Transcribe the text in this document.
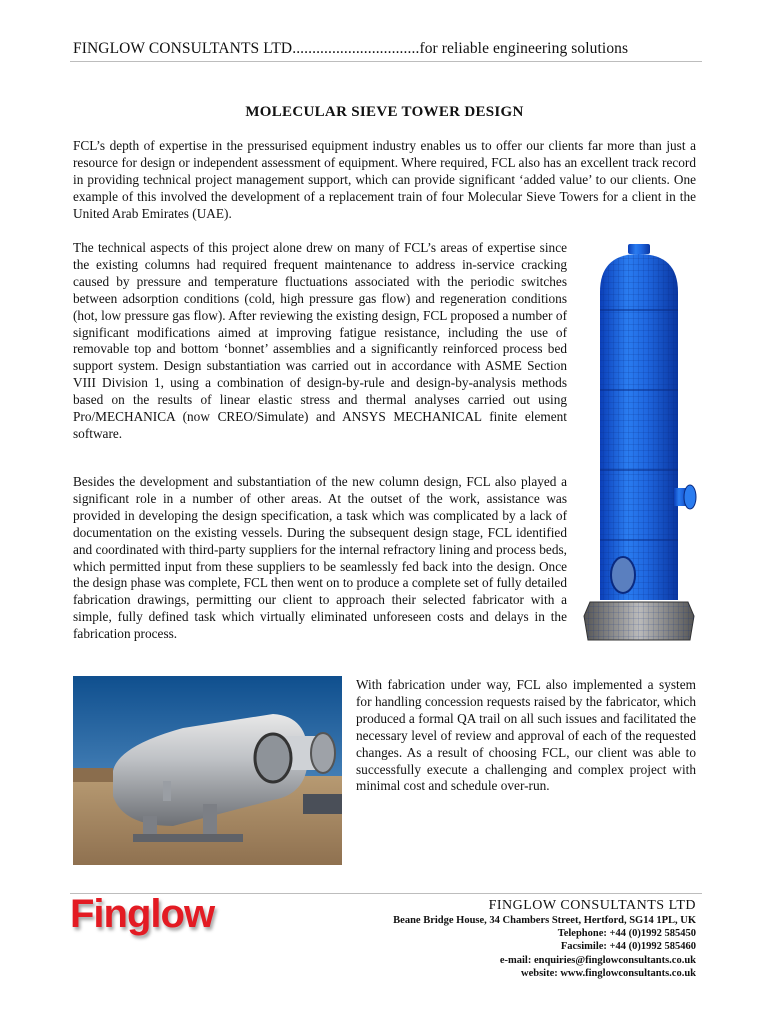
FINGLOW CONSULTANTS LTD................................for reliable engineering solutions
MOLECULAR SIEVE TOWER DESIGN

FCL’s depth of expertise in the pressurised equipment industry enables us to offer our clients far more than just a resource for design or independent assessment of equipment. Where required, FCL also has an excellent track record in providing technical project management support, which can provide significant ‘added value’ to our clients. One example of this involved the development of a replacement train of four Molecular Sieve Towers for a client in the United Arab Emirates (UAE).

The technical aspects of this project alone drew on many of FCL’s areas of expertise since the existing columns had required frequent maintenance to address in-service cracking caused by pressure and temperature fluctuations associated with the periodic switches between adsorption conditions (cold, high pressure gas flow) and regeneration conditions (hot, low pressure gas flow). After reviewing the existing design, FCL proposed a number of significant modifications aimed at improving fatigue resistance, including the use of removable top and bottom ‘bonnet’ assemblies and a significantly reinforced process bed support system. Design substantiation was carried out in accordance with ASME Section VIII Division 1, using a combination of design-by-rule and design-by-analysis methods based on the results of linear elastic stress and thermal analyses carried out using Pro/MECHANICA (now CREO/Simulate) and ANSYS MECHANICAL finite element software.

Besides the development and substantiation of the new column design, FCL also played a significant role in a number of other areas. At the outset of the work, assistance was provided in developing the design specification, a task which was complicated by a lack of documentation on the existing vessels. During the subsequent design stage, FCL identified and coordinated with third-party suppliers for the internal refractory lining and process beds, which permitted input from these suppliers to be seamlessly fed back into the design. Once the design phase was complete, FCL then went on to produce a complete set of fully detailed fabrication drawings, permitting our client to approach their selected fabricator with a simple, fully defined task which virtually eliminated unforeseen costs and delays in the fabrication process.

With fabrication under way, FCL also implemented a system for handling concession requests raised by the fabricator, which produced a formal QA trail on all such issues and facilitated the necessary level of review and approval of each of the requested changes. As a result of choosing FCL, our client was able to successfully execute a challenging and complex project with minimal cost and schedule over-run.

Finglow	FINGLOW CONSULTANTS LTD
Beane Bridge House, 34 Chambers Street, Hertford, SG14 1PL, UK
Telephone: +44 (0)1992 585450
Facsimile: +44 (0)1992 585460
e-mail: enquiries@finglowconsultants.co.uk
website: www.finglowconsultants.co.uk
